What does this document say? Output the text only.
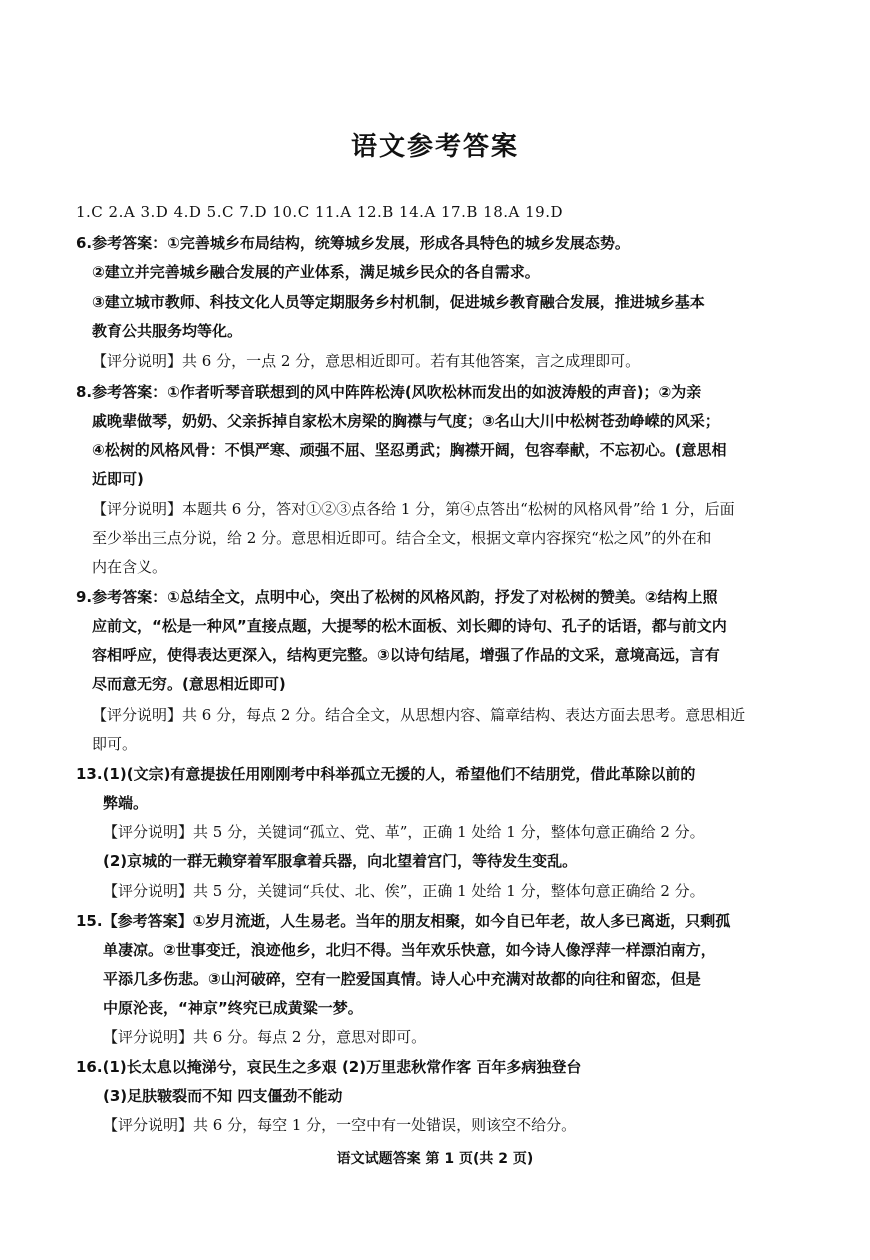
语文参考答案
1.C 2.A 3.D 4.D 5.C 7.D 10.C 11.A 12.B 14.A 17.B 18.A 19.D
6.参考答案：①完善城乡布局结构，统筹城乡发展，形成各具特色的城乡发展态势。
②建立并完善城乡融合发展的产业体系，满足城乡民众的各自需求。
③建立城市教师、科技文化人员等定期服务乡村机制，促进城乡教育融合发展，推进城乡基本
教育公共服务均等化。
【评分说明】共 6 分，一点 2 分，意思相近即可。若有其他答案，言之成理即可。
8.参考答案：①作者听琴音联想到的风中阵阵松涛(风吹松林而发出的如波涛般的声音)；②为亲
戚晚辈做琴，奶奶、父亲拆掉自家松木房梁的胸襟与气度；③名山大川中松树苍劲峥嵘的风采；
④松树的风格风骨：不惧严寒、顽强不屈、坚忍勇武；胸襟开阔，包容奉献，不忘初心。(意思相
近即可)
【评分说明】本题共 6 分，答对①②③点各给 1 分，第④点答出“松树的风格风骨”给 1 分，后面
至少举出三点分说，给 2 分。意思相近即可。结合全文，根据文章内容探究“松之风”的外在和
内在含义。
9.参考答案：①总结全文，点明中心，突出了松树的风格风韵，抒发了对松树的赞美。②结构上照
应前文，“松是一种风”直接点题，大提琴的松木面板、刘长卿的诗句、孔子的话语，都与前文内
容相呼应，使得表达更深入，结构更完整。③以诗句结尾，增强了作品的文采，意境高远，言有
尽而意无穷。(意思相近即可)
【评分说明】共 6 分，每点 2 分。结合全文，从思想内容、篇章结构、表达方面去思考。意思相近
即可。
13.(1)(文宗)有意提拔任用刚刚考中科举孤立无援的人，希望他们不结朋党，借此革除以前的
弊端。
【评分说明】共 5 分，关键词“孤立、党、革”，正确 1 处给 1 分，整体句意正确给 2 分。
(2)京城的一群无赖穿着军服拿着兵器，向北望着宫门，等待发生变乱。
【评分说明】共 5 分，关键词“兵仗、北、俟”，正确 1 处给 1 分，整体句意正确给 2 分。
15.【参考答案】①岁月流逝，人生易老。当年的朋友相聚，如今自已年老，故人多已离逝，只剩孤
单凄凉。②世事变迁，浪迹他乡，北归不得。当年欢乐快意，如今诗人像浮萍一样漂泊南方，
平添几多伤悲。③山河破碎，空有一腔爱国真情。诗人心中充满对故都的向往和留恋，但是
中原沦丧，“神京”终究已成黄粱一梦。
【评分说明】共 6 分。每点 2 分，意思对即可。
16.(1)长太息以掩涕兮，哀民生之多艰 (2)万里悲秋常作客 百年多病独登台
(3)足肤皲裂而不知 四支僵劲不能动
【评分说明】共 6 分，每空 1 分，一空中有一处错误，则该空不给分。
语文试题答案 第 1 页(共 2 页)
